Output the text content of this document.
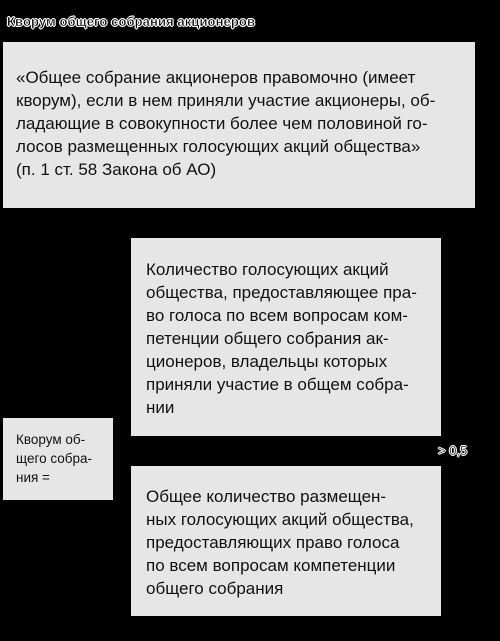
Кворум общего собрания акционеров
«Общее собрание акционеров правомочно (имеет
кворум), если в нем приняли участие акционеры, об-
ладающие в совокупности более чем половиной го-
лосов размещенных голосующих акций общества»
(п. 1 ст. 58 Закона об АО)
Количество голосующих акций
общества, предоставляющее пра-
во голоса по всем вопросам ком-
петенции общего собрания ак-
ционеров, владельцы которых
приняли участие в общем собра-
нии
Кворум об-
щего собра-
ния =
> 0,5
Общее количество размещен-
ных голосующих акций общества,
предоставляющих право голоса
по всем вопросам компетенции
общего собрания
